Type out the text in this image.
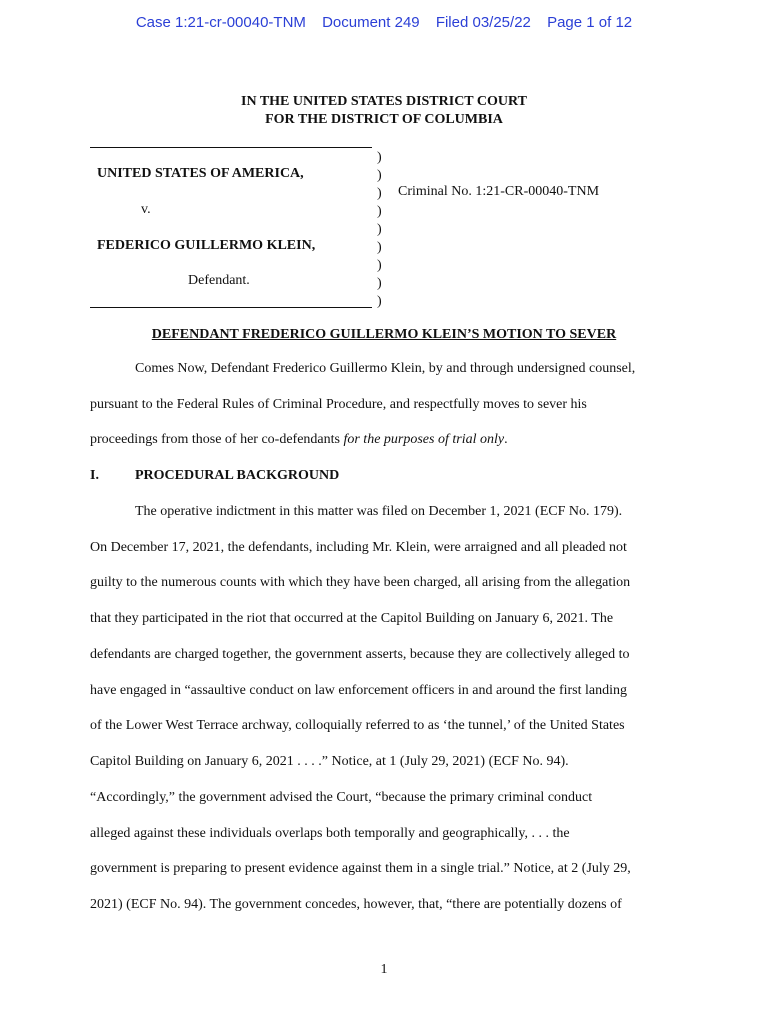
Case 1:21-cr-00040-TNM Document 249 Filed 03/25/22 Page 1 of 12
IN THE UNITED STATES DISTRICT COURT
FOR THE DISTRICT OF COLUMBIA
)
)
)
)
)
)
)
)
)
UNITED STATES OF AMERICA,
v.
FEDERICO GUILLERMO KLEIN,
Defendant.
Criminal No. 1:21-CR-00040-TNM
DEFENDANT FREDERICO GUILLERMO KLEIN’S MOTION TO SEVER
Comes Now, Defendant Frederico Guillermo Klein, by and through undersigned counsel,
pursuant to the Federal Rules of Criminal Procedure, and respectfully moves to sever his
proceedings from those of her co-defendants for the purposes of trial only.
I.	PROCEDURAL BACKGROUND
The operative indictment in this matter was filed on December 1, 2021 (ECF No. 179).
On December 17, 2021, the defendants, including Mr. Klein, were arraigned and all pleaded not
guilty to the numerous counts with which they have been charged, all arising from the allegation
that they participated in the riot that occurred at the Capitol Building on January 6, 2021. The
defendants are charged together, the government asserts, because they are collectively alleged to
have engaged in “assaultive conduct on law enforcement officers in and around the first landing
of the Lower West Terrace archway, colloquially referred to as ‘the tunnel,’ of the United States
Capitol Building on January 6, 2021 . . . .” Notice, at 1 (July 29, 2021) (ECF No. 94).
“Accordingly,” the government advised the Court, “because the primary criminal conduct
alleged against these individuals overlaps both temporally and geographically, . . . the
government is preparing to present evidence against them in a single trial.” Notice, at 2 (July 29,
2021) (ECF No. 94). The government concedes, however, that, “there are potentially dozens of
1
